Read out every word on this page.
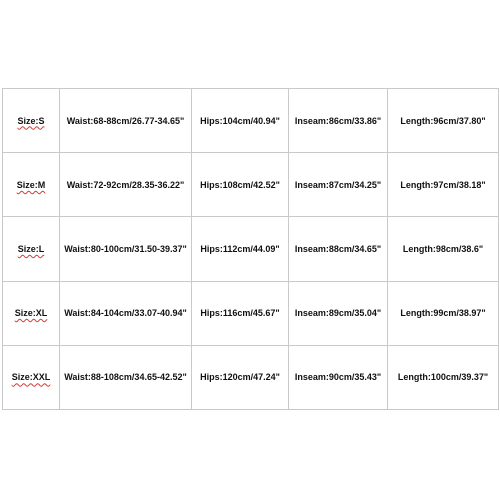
Size:S	Waist:68-88cm/26.77-34.65"	Hips:104cm/40.94"	Inseam:86cm/33.86"	Length:96cm/37.80"
Size:M	Waist:72-92cm/28.35-36.22"	Hips:108cm/42.52"	Inseam:87cm/34.25"	Length:97cm/38.18"
Size:L	Waist:80-100cm/31.50-39.37"	Hips:112cm/44.09"	Inseam:88cm/34.65"	Length:98cm/38.6"
Size:XL	Waist:84-104cm/33.07-40.94"	Hips:116cm/45.67"	Inseam:89cm/35.04"	Length:99cm/38.97"
Size:XXL	Waist:88-108cm/34.65-42.52"	Hips:120cm/47.24"	Inseam:90cm/35.43"	Length:100cm/39.37"
